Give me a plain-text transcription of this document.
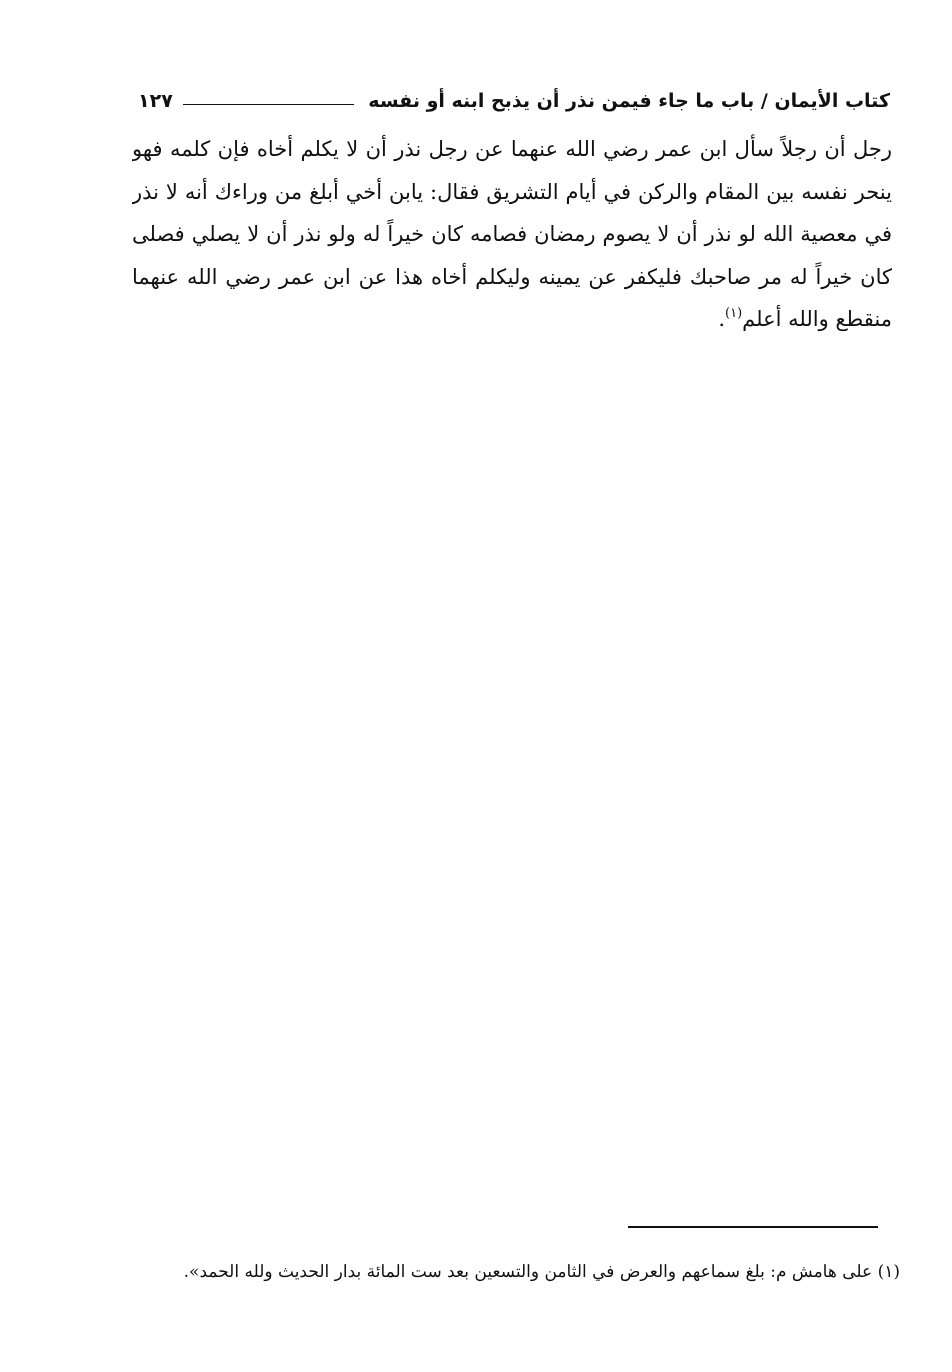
كتاب الأيمان / باب ما جاء فيمن نذر أن يذبح ابنه أو نفسه
١٢٧
رجل أن رجلاً سأل ابن عمر رضي الله عنهما عن رجل نذر أن لا يكلم أخاه فإن كلمه فهو
ينحر نفسه بين المقام والركن في أيام التشريق فقال: يابن أخي أبلغ من وراءك أنه لا نذر
في معصية الله لو نذر أن لا يصوم رمضان فصامه كان خيراً له ولو نذر أن لا يصلي فصلى
كان خيراً له مر صاحبك فليكفر عن يمينه وليكلم أخاه هذا عن ابن عمر رضي الله عنهما
منقطع والله أعلم$^{(١)}$.
(١) على هامش م: بلغ سماعهم والعرض في الثامن والتسعين بعد ست المائة بدار الحديث ولله الحمد».
